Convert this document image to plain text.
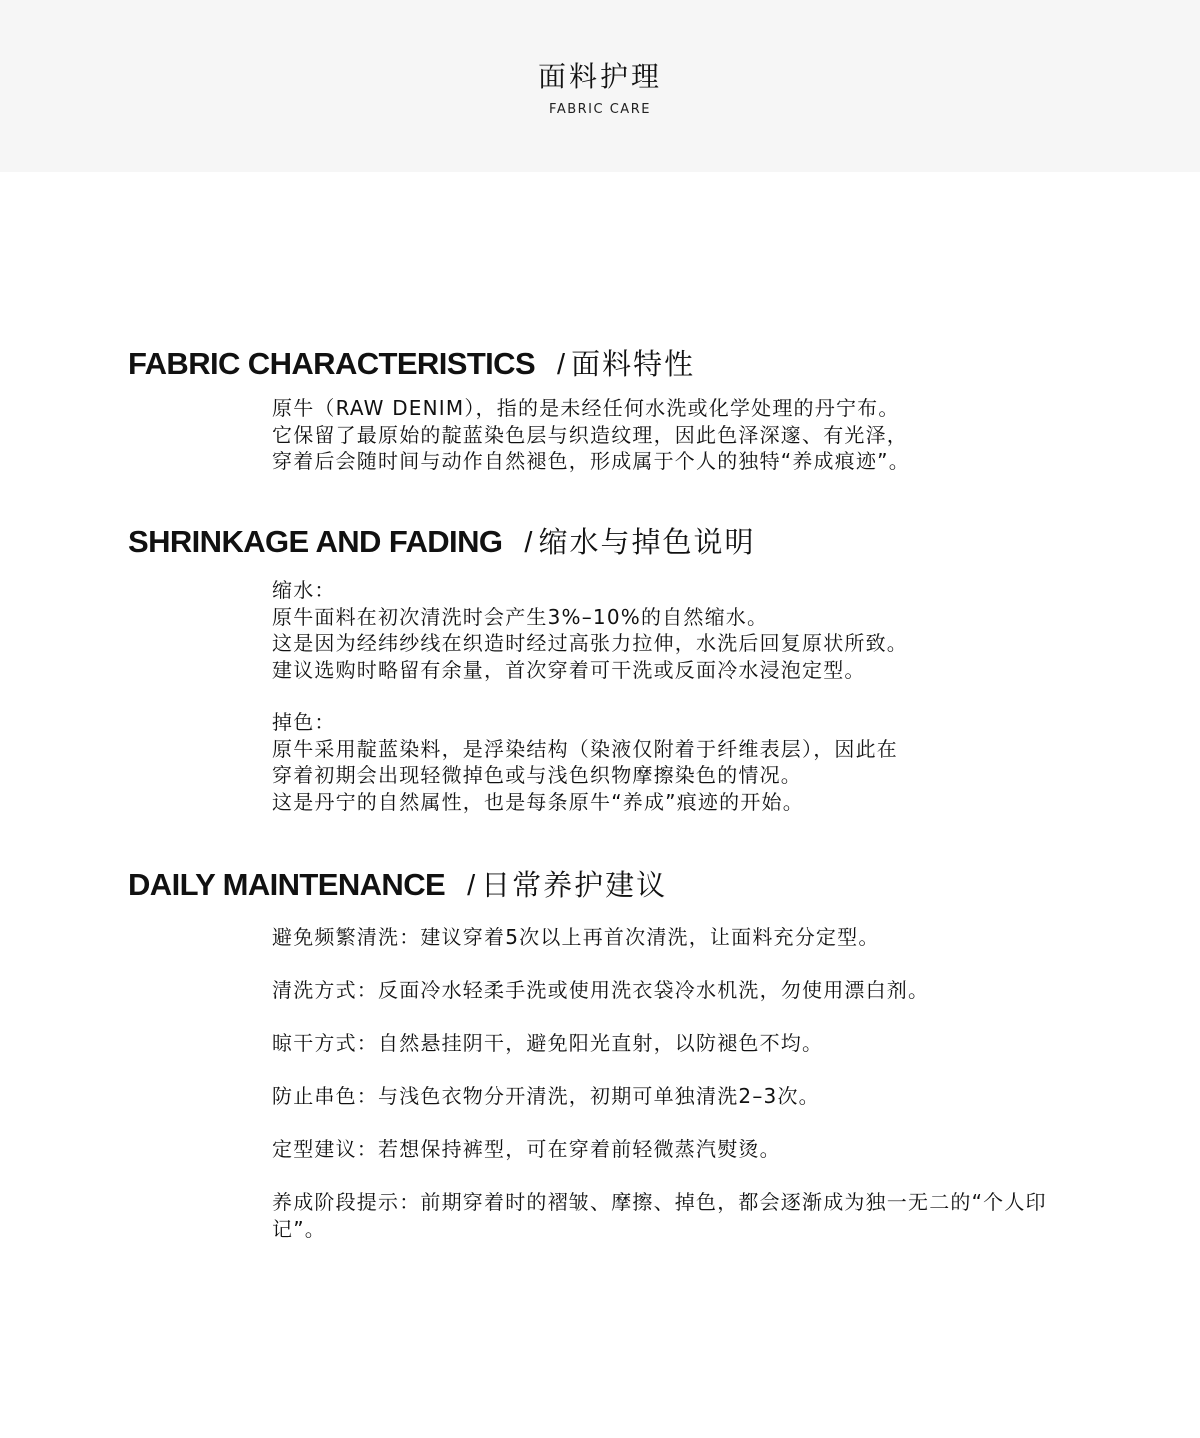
面料护理
FABRIC CARE
FABRIC CHARACTERISTICS / 面料特性
原牛（RAW DENIM），指的是未经任何水洗或化学处理的丹宁布。
它保留了最原始的靛蓝染色层与织造纹理，因此色泽深邃、有光泽，
穿着后会随时间与动作自然褪色，形成属于个人的独特“养成痕迹”。
SHRINKAGE AND FADING / 缩水与掉色说明
缩水：
原牛面料在初次清洗时会产生3%–10%的自然缩水。
这是因为经纬纱线在织造时经过高张力拉伸，水洗后回复原状所致。
建议选购时略留有余量，首次穿着可干洗或反面冷水浸泡定型。
掉色：
原牛采用靛蓝染料，是浮染结构（染液仅附着于纤维表层），因此在
穿着初期会出现轻微掉色或与浅色织物摩擦染色的情况。
这是丹宁的自然属性，也是每条原牛“养成”痕迹的开始。
DAILY MAINTENANCE / 日常养护建议
避免频繁清洗：建议穿着5次以上再首次清洗，让面料充分定型。
清洗方式：反面冷水轻柔手洗或使用洗衣袋冷水机洗，勿使用漂白剂。
晾干方式：自然悬挂阴干，避免阳光直射，以防褪色不均。
防止串色：与浅色衣物分开清洗，初期可单独清洗2–3次。
定型建议：若想保持裤型，可在穿着前轻微蒸汽熨烫。
养成阶段提示：前期穿着时的褶皱、摩擦、掉色，都会逐渐成为独一无二的“个人印记”。
